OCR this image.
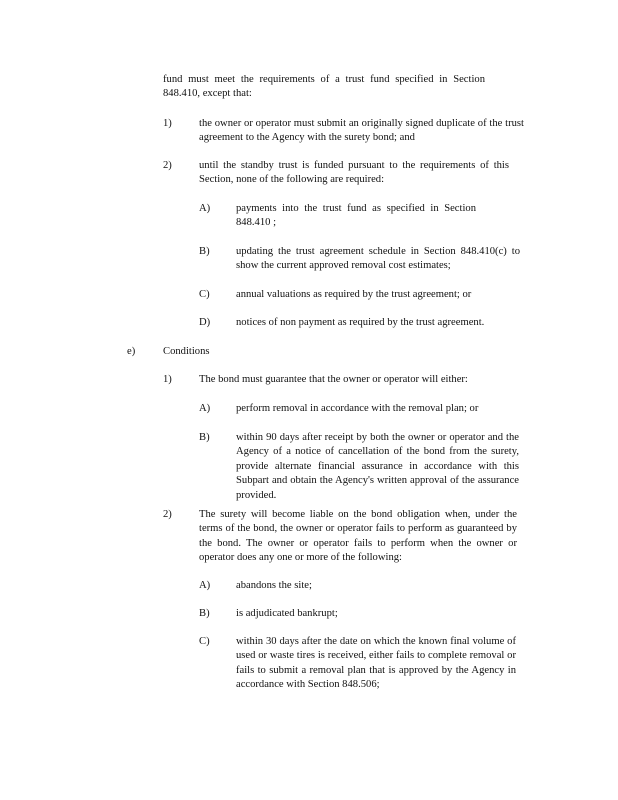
fund must meet the requirements of a trust fund specified in Section 848.410, except that:

1)	the owner or operator must submit an originally signed duplicate of the trust agreement to the Agency with the surety bond; and

2)	until the standby trust is funded pursuant to the requirements of this Section, none of the following are required:

A) payments into the trust fund as specified in Section 848.410 ;

B) updating the trust agreement schedule in Section 848.410(c) to show the current approved removal cost estimates;

C) annual valuations as required by the trust agreement; or

D) notices of non payment as required by the trust agreement.

e)	Conditions

1)	The bond must guarantee that the owner or operator will either:

A) perform removal in accordance with the removal plan; or

B) within 90 days after receipt by both the owner or operator and the Agency of a notice of cancellation of the bond from the surety, provide alternate financial assurance in accordance with this Subpart and obtain the Agency's written approval of the assurance provided.

2)	The surety will become liable on the bond obligation when, under the terms of the bond, the owner or operator fails to perform as guaranteed by the bond. The owner or operator fails to perform when the owner or operator does any one or more of the following:

A) abandons the site;

B) is adjudicated bankrupt;

C) within 30 days after the date on which the known final volume of used or waste tires is received, either fails to complete removal or fails to submit a removal plan that is approved by the Agency in accordance with Section 848.506;
